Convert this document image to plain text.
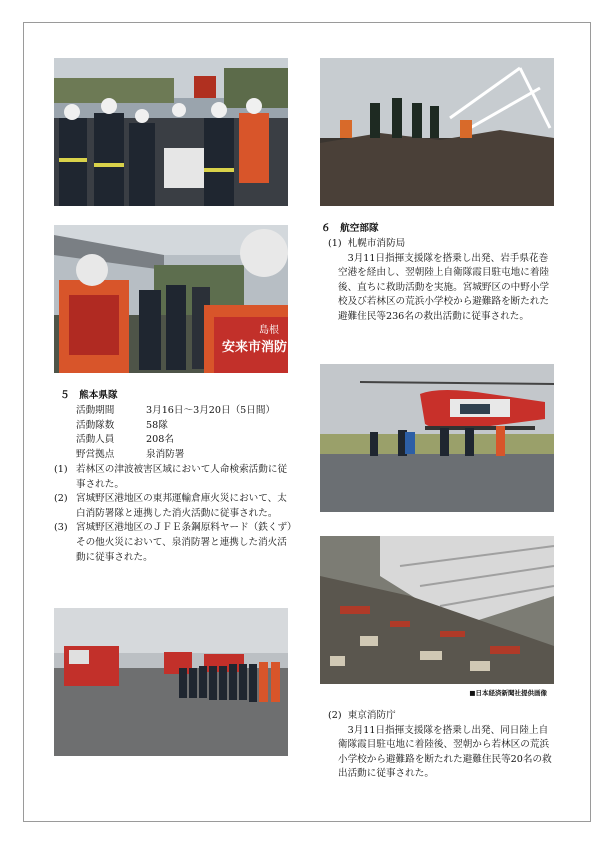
島根
安来市消防
■日本経済新聞社提供画像
５　熊本県隊
活動期間	3月16日～3月20日（5日間）
活動隊数	58隊
活動人員	208名
野営拠点	泉消防署
(1) 若林区の津波被害区域において人命検索活動に従事された。
(2) 宮城野区港地区の東邦運輸倉庫火災において、太白消防署隊と連携した消火活動に従事された。
(3) 宮城野区港地区のＪＦＥ条鋼原料ヤード（鉄くず）その他火災において、泉消防署と連携した消火活動に従事された。
６　航空部隊
(1) 札幌市消防局
3月11日指揮支援隊を搭乗し出発、岩手県花巻空港を経由し、翌朝陸上自衛隊霞目駐屯地に着陸後、直ちに救助活動を実施。宮城野区の中野小学校及び若林区の荒浜小学校から避難路を断たれた避難住民等236名の救出活動に従事された。
(2) 東京消防庁
3月11日指揮支援隊を搭乗し出発、同日陸上自衛隊霞目駐屯地に着陸後、翌朝から若林区の荒浜小学校から避難路を断たれた避難住民等20名の救出活動に従事された。
